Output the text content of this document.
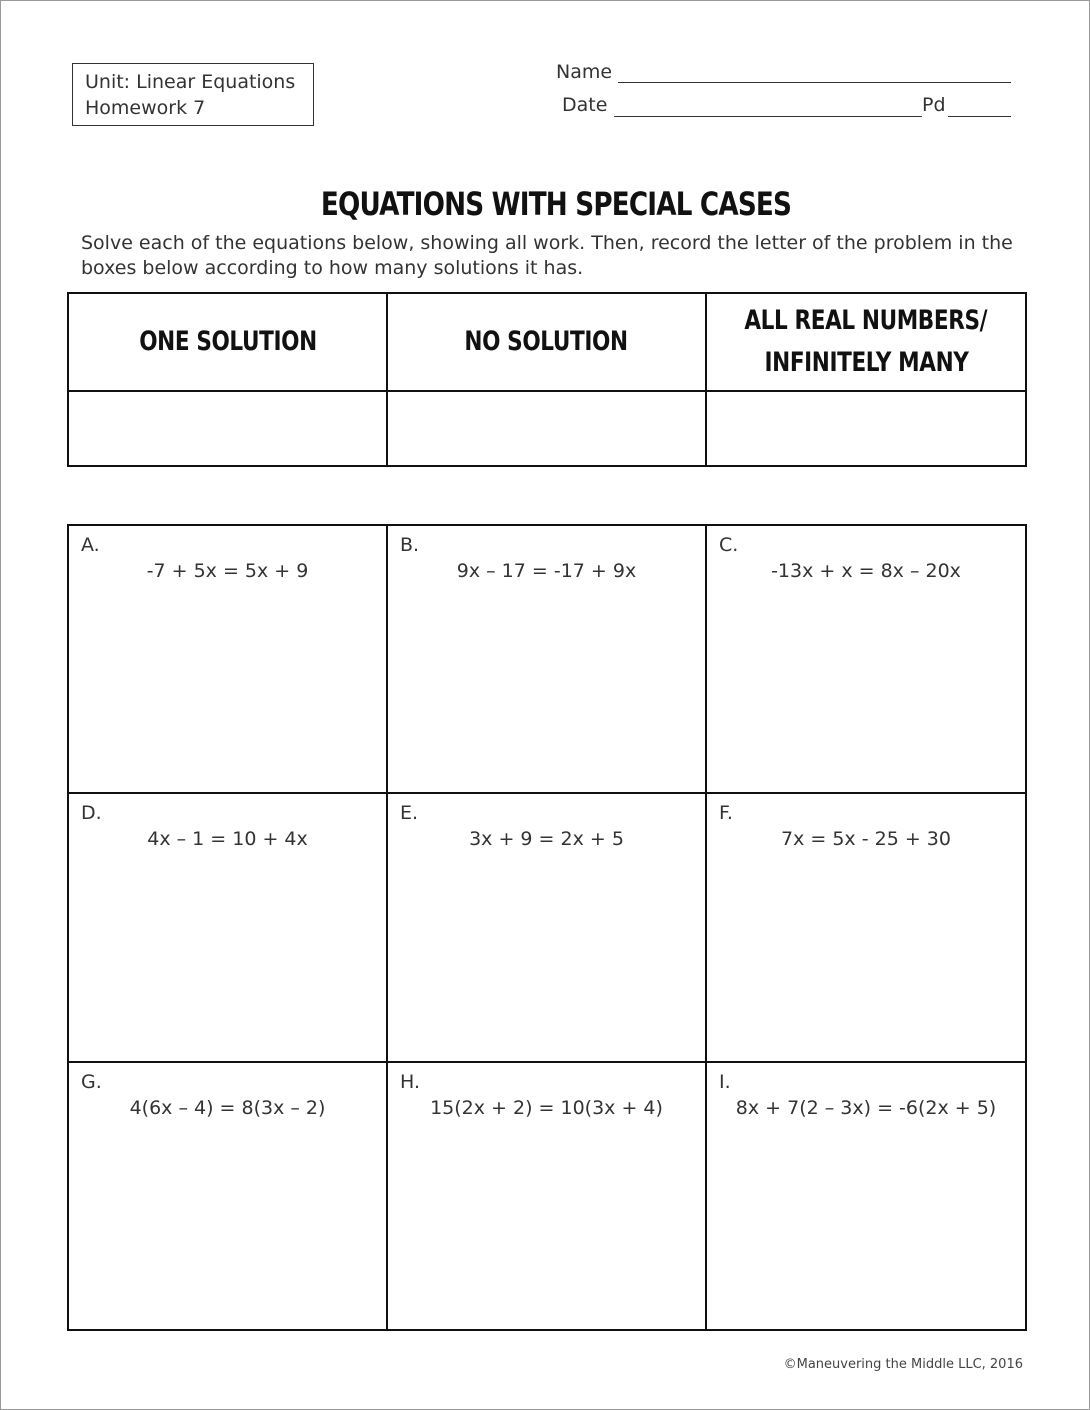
Unit: Linear Equations
Homework 7
Name
Date	Pd
EQUATIONS WITH SPECIAL CASES
Solve each of the equations below, showing all work. Then, record the letter of the problem in the boxes below according to how many solutions it has.
ONE SOLUTION	NO SOLUTION
ALL REAL NUMBERS/
INFINITELY MANY
A.
-7 + 5x = 5x + 9
B.
9x – 17 = -17 + 9x
C.
-13x + x = 8x – 20x
D.
4x – 1 = 10 + 4x
E.
3x + 9 = 2x + 5
F.
7x = 5x - 25 + 30
G.
4(6x – 4) = 8(3x – 2)
H.
15(2x + 2) = 10(3x + 4)
I.
8x + 7(2 – 3x) = -6(2x + 5)
©Maneuvering the Middle LLC, 2016
